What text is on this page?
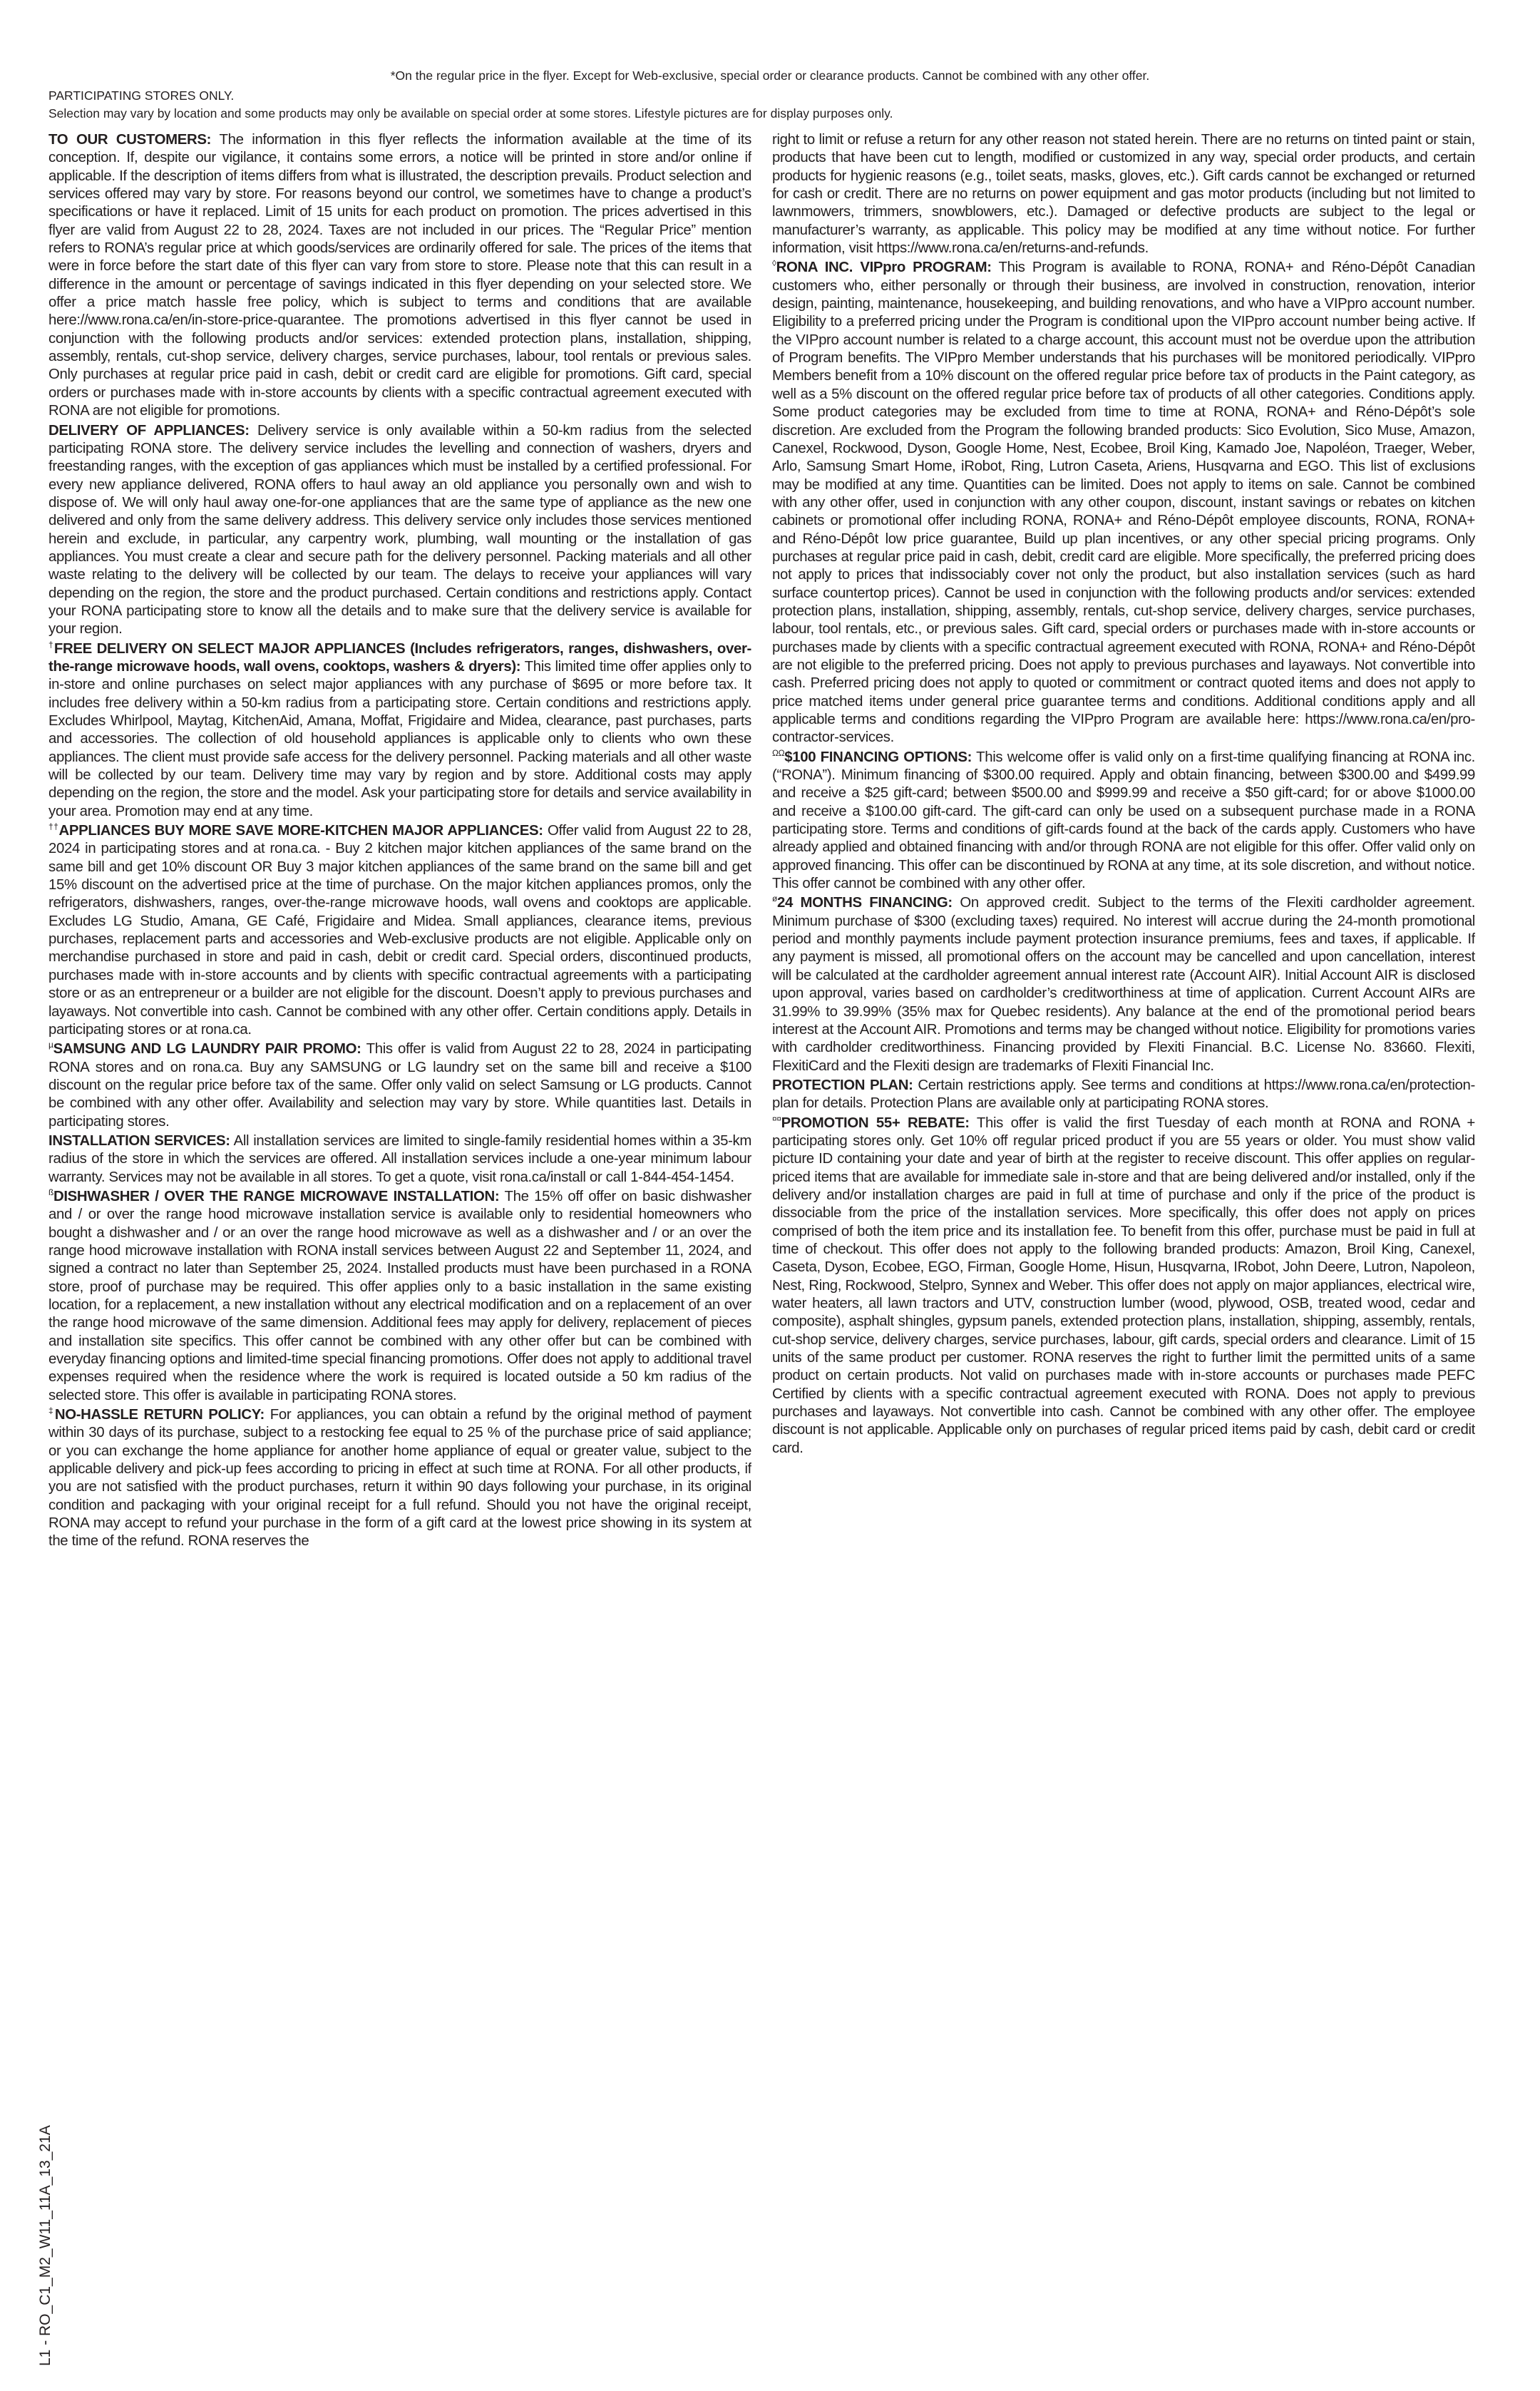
*On the regular price in the flyer. Except for Web-exclusive, special order or clearance products. Cannot be combined with any other offer.
PARTICIPATING STORES ONLY.
Selection may vary by location and some products may only be available on special order at some stores. Lifestyle pictures are for display purposes only.

TO OUR CUSTOMERS: The information in this flyer reflects the information available at the time of its conception. If, despite our vigilance, it contains some errors, a notice will be printed in store and/or online if applicable. If the description of items differs from what is illustrated, the description prevails. Product selection and services offered may vary by store. For reasons beyond our control, we sometimes have to change a product’s specifications or have it replaced. Limit of 15 units for each product on promotion. The prices advertised in this flyer are valid from August 22 to 28, 2024. Taxes are not included in our prices. The “Regular Price” mention refers to RONA’s regular price at which goods/services are ordinarily offered for sale. The prices of the items that were in force before the start date of this flyer can vary from store to store. Please note that this can result in a difference in the amount or percentage of savings indicated in this flyer depending on your selected store. We offer a price match hassle free policy, which is subject to terms and conditions that are available here://www.rona.ca/en/in-store-price-quarantee. The promotions advertised in this flyer cannot be used in conjunction with the following products and/or services: extended protection plans, installation, shipping, assembly, rentals, cut-shop service, delivery charges, service purchases, labour, tool rentals or previous sales. Only purchases at regular price paid in cash, debit or credit card are eligible for promotions. Gift card, special orders or purchases made with in-store accounts by clients with a specific contractual agreement executed with RONA are not eligible for promotions.

DELIVERY OF APPLIANCES: Delivery service is only available within a 50-km radius from the selected participating RONA store. The delivery service includes the levelling and connection of washers, dryers and freestanding ranges, with the exception of gas appliances which must be installed by a certified professional. For every new appliance delivered, RONA offers to haul away an old appliance you personally own and wish to dispose of. We will only haul away one-for-one appliances that are the same type of appliance as the new one delivered and only from the same delivery address. This delivery service only includes those services mentioned herein and exclude, in particular, any carpentry work, plumbing, wall mounting or the installation of gas appliances. You must create a clear and secure path for the delivery personnel. Packing materials and all other waste relating to the delivery will be collected by our team. The delays to receive your appliances will vary depending on the region, the store and the product purchased. Certain conditions and restrictions apply. Contact your RONA participating store to know all the details and to make sure that the delivery service is available for your region.

†FREE DELIVERY ON SELECT MAJOR APPLIANCES (Includes refrigerators, ranges, dishwashers, over-the-range microwave hoods, wall ovens, cooktops, washers & dryers): This limited time offer applies only to in-store and online purchases on select major appliances with any purchase of $695 or more before tax. It includes free delivery within a 50-km radius from a participating store. Certain conditions and restrictions apply. Excludes Whirlpool, Maytag, KitchenAid, Amana, Moffat, Frigidaire and Midea, clearance, past purchases, parts and accessories. The collection of old household appliances is applicable only to clients who own these appliances. The client must provide safe access for the delivery personnel. Packing materials and all other waste will be collected by our team. Delivery time may vary by region and by store. Additional costs may apply depending on the region, the store and the model. Ask your participating store for details and service availability in your area. Promotion may end at any time.

††APPLIANCES BUY MORE SAVE MORE-KITCHEN MAJOR APPLIANCES: Offer valid from August 22 to 28, 2024 in participating stores and at rona.ca. - Buy 2 kitchen major kitchen appliances of the same brand on the same bill and get 10% discount OR Buy 3 major kitchen appliances of the same brand on the same bill and get 15% discount on the advertised price at the time of purchase. On the major kitchen appliances promos, only the refrigerators, dishwashers, ranges, over-the-range microwave hoods, wall ovens and cooktops are applicable. Excludes LG Studio, Amana, GE Café, Frigidaire and Midea. Small appliances, clearance items, previous purchases, replacement parts and accessories and Web-exclusive products are not eligible. Applicable only on merchandise purchased in store and paid in cash, debit or credit card. Special orders, discontinued products, purchases made with in-store accounts and by clients with specific contractual agreements with a participating store or as an entrepreneur or a builder are not eligible for the discount. Doesn’t apply to previous purchases and layaways. Not convertible into cash. Cannot be combined with any other offer. Certain conditions apply. Details in participating stores or at rona.ca.

$^\mu$SAMSUNG AND LG LAUNDRY PAIR PROMO: This offer is valid from August 22 to 28, 2024 in participating RONA stores and on rona.ca. Buy any SAMSUNG or LG laundry set on the same bill and receive a $100 discount on the regular price before tax of the same. Offer only valid on select Samsung or LG products. Cannot be combined with any other offer. Availability and selection may vary by store. While quantities last. Details in participating stores.

INSTALLATION SERVICES: All installation services are limited to single-family residential homes within a 35-km radius of the store in which the services are offered. All installation services include a one-year minimum labour warranty. Services may not be available in all stores. To get a quote, visit rona.ca/install or call 1-844-454-1454.

$^ß$DISHWASHER / OVER THE RANGE MICROWAVE INSTALLATION: The 15% off offer on basic dishwasher and / or over the range hood microwave installation service is available only to residential homeowners who bought a dishwasher and / or an over the range hood microwave as well as a dishwasher and / or an over the range hood microwave installation with RONA install services between August 22 and September 11, 2024, and signed a contract no later than September 25, 2024. Installed products must have been purchased in a RONA store, proof of purchase may be required. This offer applies only to a basic installation in the same existing location, for a replacement, a new installation without any electrical modification and on a replacement of an over the range hood microwave of the same dimension. Additional fees may apply for delivery, replacement of pieces and installation site specifics. This offer cannot be combined with any other offer but can be combined with everyday financing options and limited-time special financing promotions. Offer does not apply to additional travel expenses required when the residence where the work is required is located outside a 50 km radius of the selected store. This offer is available in participating RONA stores.

‡NO-HASSLE RETURN POLICY: For appliances, you can obtain a refund by the original method of payment within 30 days of its purchase, subject to a restocking fee equal to 25 % of the purchase price of said appliance; or you can exchange the home appliance for another home appliance of equal or greater value, subject to the applicable delivery and pick-up fees according to pricing in effect at such time at RONA. For all other products, if you are not satisfied with the product purchases, return it within 90 days following your purchase, in its original condition and packaging with your original receipt for a full refund. Should you not have the original receipt, RONA may accept to refund your purchase in the form of a gift card at the lowest price showing in its system at the time of the refund. RONA reserves the

right to limit or refuse a return for any other reason not stated herein. There are no returns on tinted paint or stain, products that have been cut to length, modified or customized in any way, special order products, and certain products for hygienic reasons (e.g., toilet seats, masks, gloves, etc.). Gift cards cannot be exchanged or returned for cash or credit. There are no returns on power equipment and gas motor products (including but not limited to lawnmowers, trimmers, snowblowers, etc.). Damaged or defective products are subject to the legal or manufacturer’s warranty, as applicable. This policy may be modified at any time without notice. For further information, visit https://www.rona.ca/en/returns-and-refunds.

◊RONA INC. VIPpro PROGRAM: This Program is available to RONA, RONA+ and Réno-Dépôt Canadian customers who, either personally or through their business, are involved in construction, renovation, interior design, painting, maintenance, housekeeping, and building renovations, and who have a VIPpro account number. Eligibility to a preferred pricing under the Program is conditional upon the VIPpro account number being active. If the VIPpro account number is related to a charge account, this account must not be overdue upon the attribution of Program benefits. The VIPpro Member understands that his purchases will be monitored periodically. VIPpro Members benefit from a 10% discount on the offered regular price before tax of products in the Paint category, as well as a 5% discount on the offered regular price before tax of products of all other categories. Conditions apply. Some product categories may be excluded from time to time at RONA, RONA+ and Réno-Dépôt’s sole discretion. Are excluded from the Program the following branded products: Sico Evolution, Sico Muse, Amazon, Canexel, Rockwood, Dyson, Google Home, Nest, Ecobee, Broil King, Kamado Joe, Napoléon, Traeger, Weber, Arlo, Samsung Smart Home, iRobot, Ring, Lutron Caseta, Ariens, Husqvarna and EGO. This list of exclusions may be modified at any time. Quantities can be limited. Does not apply to items on sale. Cannot be combined with any other offer, used in conjunction with any other coupon, discount, instant savings or rebates on kitchen cabinets or promotional offer including RONA, RONA+ and Réno-Dépôt employee discounts, RONA, RONA+ and Réno-Dépôt low price guarantee, Build up plan incentives, or any other special pricing programs. Only purchases at regular price paid in cash, debit, credit card are eligible. More specifically, the preferred pricing does not apply to prices that indissociably cover not only the product, but also installation services (such as hard surface countertop prices). Cannot be used in conjunction with the following products and/or services: extended protection plans, installation, shipping, assembly, rentals, cut-shop service, delivery charges, service purchases, labour, tool rentals, etc., or previous sales. Gift card, special orders or purchases made with in-store accounts or purchases made by clients with a specific contractual agreement executed with RONA, RONA+ and Réno-Dépôt are not eligible to the preferred pricing. Does not apply to previous purchases and layaways. Not convertible into cash. Preferred pricing does not apply to quoted or commitment or contract quoted items and does not apply to price matched items under general price guarantee terms and conditions. Additional conditions apply and all applicable terms and conditions regarding the VIPpro Program are available here: https://www.rona.ca/en/pro-contractor-services.

$^{\Omega\Omega}$\$100 FINANCING OPTIONS: This welcome offer is valid only on a first-time qualifying financing at RONA inc. (“RONA”). Minimum financing of $300.00 required. Apply and obtain financing, between $300.00 and $499.99 and receive a $25 gift-card; between $500.00 and $999.99 and receive a $50 gift-card; for or above $1000.00 and receive a $100.00 gift-card. The gift-card can only be used on a subsequent purchase made in a RONA participating store. Terms and conditions of gift-cards found at the back of the cards apply. Customers who have already applied and obtained financing with and/or through RONA are not eligible for this offer. Offer valid only on approved financing. This offer can be discontinued by RONA at any time, at its sole discretion, and without notice. This offer cannot be combined with any other offer.

$^ø$24 MONTHS FINANCING: On approved credit. Subject to the terms of the Flexiti cardholder agreement. Minimum purchase of $300 (excluding taxes) required. No interest will accrue during the 24-month promotional period and monthly payments include payment protection insurance premiums, fees and taxes, if applicable. If any payment is missed, all promotional offers on the account may be cancelled and upon cancellation, interest will be calculated at the cardholder agreement annual interest rate (Account AIR). Initial Account AIR is disclosed upon approval, varies based on cardholder’s creditworthiness at time of application. Current Account AIRs are 31.99% to 39.99% (35% max for Quebec residents). Any balance at the end of the promotional period bears interest at the Account AIR. Promotions and terms may be changed without notice. Eligibility for promotions varies with cardholder creditworthiness. Financing provided by Flexiti Financial. B.C. License No. 83660. Flexiti, FlexitiCard and the Flexiti design are trademarks of Flexiti Financial Inc.

PROTECTION PLAN: Certain restrictions apply. See terms and conditions at https://www.rona.ca/en/protection-plan for details. Protection Plans are available only at participating RONA stores.

¤¤PROMOTION 55+ REBATE: This offer is valid the first Tuesday of each month at RONA and RONA + participating stores only. Get 10% off regular priced product if you are 55 years or older. You must show valid picture ID containing your date and year of birth at the register to receive discount. This offer applies on regular-priced items that are available for immediate sale in-store and that are being delivered and/or installed, only if the delivery and/or installation charges are paid in full at time of purchase and only if the price of the product is dissociable from the price of the installation services. More specifically, this offer does not apply on prices comprised of both the item price and its installation fee. To benefit from this offer, purchase must be paid in full at time of checkout. This offer does not apply to the following branded products: Amazon, Broil King, Canexel, Caseta, Dyson, Ecobee, EGO, Firman, Google Home, Hisun, Husqvarna, IRobot, John Deere, Lutron, Napoleon, Nest, Ring, Rockwood, Stelpro, Synnex and Weber. This offer does not apply on major appliances, electrical wire, water heaters, all lawn tractors and UTV, construction lumber (wood, plywood, OSB, treated wood, cedar and composite), asphalt shingles, gypsum panels, extended protection plans, installation, shipping, assembly, rentals, cut-shop service, delivery charges, service purchases, labour, gift cards, special orders and clearance. Limit of 15 units of the same product per customer. RONA reserves the right to further limit the permitted units of a same product on certain products. Not valid on purchases made with in-store accounts or purchases made PEFC Certified by clients with a specific contractual agreement executed with RONA. Does not apply to previous purchases and layaways. Not convertible into cash. Cannot be combined with any other offer. The employee discount is not applicable. Applicable only on purchases of regular priced items paid by cash, debit card or credit card.

L1 - RO_C1_M2_W11_11A_13_21A
